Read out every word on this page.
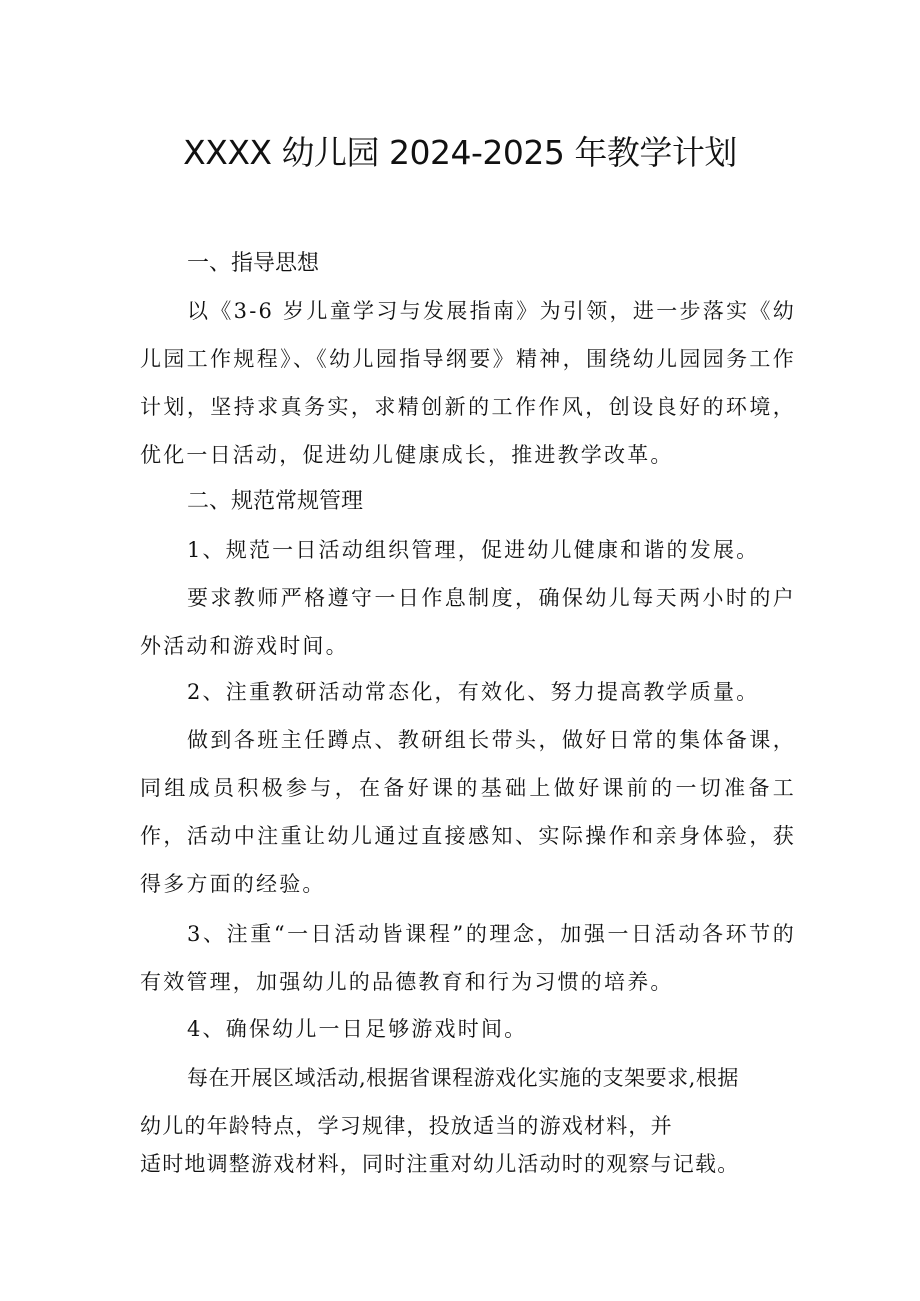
XXXX 幼儿园 2024-2025 年教学计划
一、指导思想
以《3-6 岁儿童学习与发展指南》为引领，进一步落实《幼儿园工作规程》、《幼儿园指导纲要》精神，围绕幼儿园园务工作计划，坚持求真务实，求精创新的工作作风，创设良好的环境，优化一日活动，促进幼儿健康成长，推进教学改革。
二、规范常规管理
1、规范一日活动组织管理，促进幼儿健康和谐的发展。
要求教师严格遵守一日作息制度，确保幼儿每天两小时的户外活动和游戏时间。
2、注重教研活动常态化，有效化、努力提高教学质量。
做到各班主任蹲点、教研组长带头，做好日常的集体备课，同组成员积极参与，在备好课的基础上做好课前的一切准备工作，活动中注重让幼儿通过直接感知、实际操作和亲身体验，获得多方面的经验。
3、注重“一日活动皆课程”的理念，加强一日活动各环节的有效管理，加强幼儿的品德教育和行为习惯的培养。
4、确保幼儿一日足够游戏时间。
每在开展区域活动,根据省课程游戏化实施的支架要求,根据
幼儿的年龄特点，学习规律，投放适当的游戏材料，并
适时地调整游戏材料，同时注重对幼儿活动时的观察与记载。
